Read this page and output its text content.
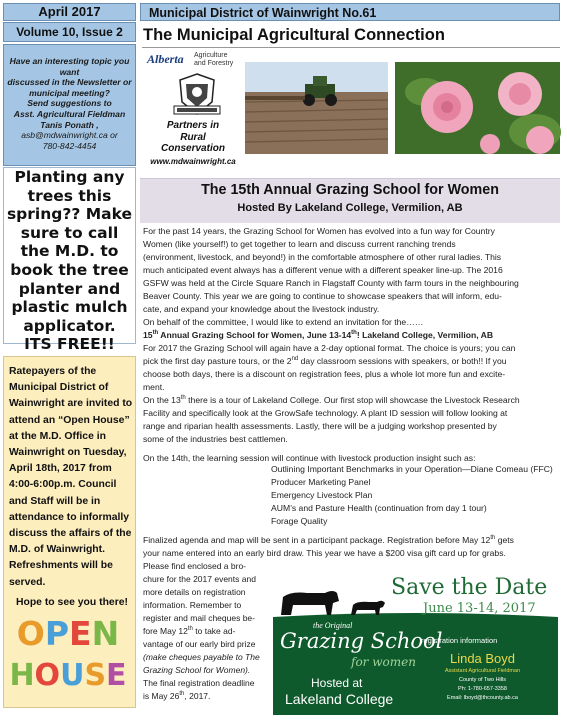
April 2017
Volume 10, Issue 2

Have an interesting topic you

want

discussed in the Newsletter or

municipal meeting?

Send suggestions to

Asst. Agricultural Fieldman

Tanis Ponath ,

asb@mdwainwright.ca or

780-842-4454

Planting any
trees this
spring?? Make
sure to call
the M.D. to
book the tree
planter and
plastic mulch
applicator.
ITS FREE!!

Ratepayers of the

Municipal District of

Wainwright are invited to

attend an “Open House”

at the M.D. Office in

Wainwright on Tuesday,

April 18th, 2017 from

4:00-6:00p.m. Council

and Staff will be in

attendance to informally

discuss the affairs of the

M.D. of Wainwright.

Refreshments will be

served.

Hope to see you there!

OPEN
HOUSE
Municipal District of Wainwright No.61
The Municipal Agricultural Connection
Alberta Agriculture
and Forestry
Partners in
Rural
Conservation
www.mdwainwright.ca
The 15th Annual Grazing School for Women
Hosted By Lakeland College, Vermilion, AB
For the past 14 years, the Grazing School for Women has evolved into a fun way for Country
Women (like yourself!) to get together to learn and discuss current ranching trends
(environment, livestock, and beyond!) in the comfortable atmosphere of other rural ladies. This
much anticipated event always has a different venue with a different speaker line-up. The 2016
GSFW was held at the Circle Square Ranch in Flagstaff County with farm tours in the neighbouring
Beaver County. This year we are going to continue to showcase speakers that will inform, edu-
cate, and expand your knowledge about the livestock industry.
On behalf of the committee, I would like to extend an invitation for the……
15th Annual Grazing School for Women, June 13-14th! Lakeland College, Vermilion, AB
For 2017 the Grazing School will again have a 2-day optional format. The choice is yours; you can
pick the first day pasture tours, or the 2nd day classroom sessions with speakers, or both!! If you
choose both days, there is a discount on registration fees, plus a whole lot more fun and excite-
ment.
On the 13th there is a tour of Lakeland College. Our first stop will showcase the Livestock Research
Facility and specifically look at the GrowSafe technology. A plant ID session will follow looking at
range and riparian health assessments. Lastly, there will be a judging workshop presented by
some of the industries best cattlemen.
On the 14th, the learning session will continue with livestock production insight such as:
Outlining Important Benchmarks in your Operation—Diane Comeau (FFC)
Producer Marketing Panel
Emergency Livestock Plan
AUM’s and Pasture Health (continuation from day 1 tour)
Forage Quality
Finalized agenda and map will be sent in a participant package. Registration before May 12th gets
your name entered into an early bird draw. This year we have a $200 visa gift card up for grabs.
Please find enclosed a bro-
chure for the 2017 events and
more details on registration
information. Remember to
register and mail cheques be-
fore May 12th to take ad-
vantage of our early bird prize
(make cheques payable to The
Grazing School for Women).
The final registration deadline
is May 26th, 2017.
Save the Date
June 13-14, 2017
the Original
Grazing School
for women
Hosted at
Lakeland College
registration information
Linda Boyd
Assistant Agricultural Fieldman
County of Two Hills
Ph: 1-780-657-3358
Email: lboyd@thcounty.ab.ca
